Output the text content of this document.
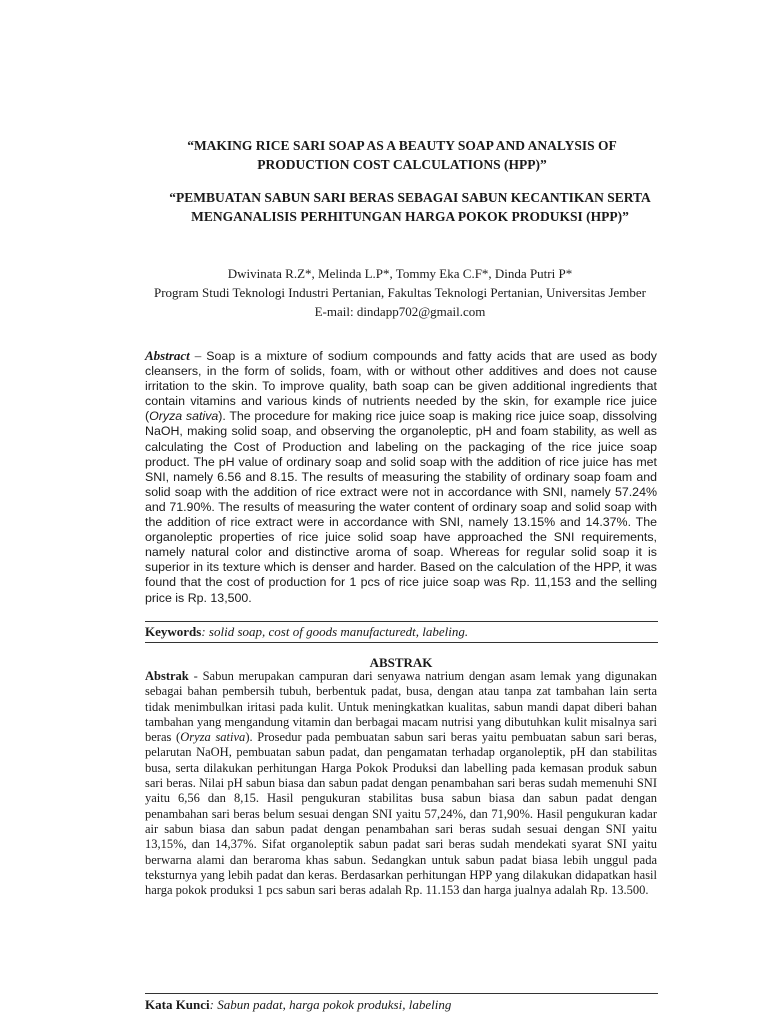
“MAKING RICE SARI SOAP AS A BEAUTY SOAP AND ANALYSIS OF PRODUCTION COST CALCULATIONS (HPP)”

“PEMBUATAN SABUN SARI BERAS SEBAGAI SABUN KECANTIKAN SERTA MENGANALISIS PERHITUNGAN HARGA POKOK PRODUKSI (HPP)”

Dwivinata R.Z*, Melinda L.P*, Tommy Eka C.F*, Dinda Putri P*
Program Studi Teknologi Industri Pertanian, Fakultas Teknologi Pertanian, Universitas Jember
E-mail: dindapp702@gmail.com

Abstract – Soap is a mixture of sodium compounds and fatty acids that are used as body cleansers, in the form of solids, foam, with or without other additives and does not cause irritation to the skin. To improve quality, bath soap can be given additional ingredients that contain vitamins and various kinds of nutrients needed by the skin, for example rice juice (Oryza sativa). The procedure for making rice juice soap is making rice juice soap, dissolving NaOH, making solid soap, and observing the organoleptic, pH and foam stability, as well as calculating the Cost of Production and labeling on the packaging of the rice juice soap product. The pH value of ordinary soap and solid soap with the addition of rice juice has met SNI, namely 6.56 and 8.15. The results of measuring the stability of ordinary soap foam and solid soap with the addition of rice extract were not in accordance with SNI, namely 57.24% and 71.90%. The results of measuring the water content of ordinary soap and solid soap with the addition of rice extract were in accordance with SNI, namely 13.15% and 14.37%. The organoleptic properties of rice juice solid soap have approached the SNI requirements, namely natural color and distinctive aroma of soap. Whereas for regular solid soap it is superior in its texture which is denser and harder. Based on the calculation of the HPP, it was found that the cost of production for 1 pcs of rice juice soap was Rp. 11,153 and the selling price is Rp. 13,500.

Keywords: solid soap, cost of goods manufacturedt, labeling.
ABSTRAK

Abstrak - Sabun merupakan campuran dari senyawa natrium dengan asam lemak yang digunakan sebagai bahan pembersih tubuh, berbentuk padat, busa, dengan atau tanpa zat tambahan lain serta tidak menimbulkan iritasi pada kulit. Untuk meningkatkan kualitas, sabun mandi dapat diberi bahan tambahan yang mengandung vitamin dan berbagai macam nutrisi yang dibutuhkan kulit misalnya sari beras (Oryza sativa). Prosedur pada pembuatan sabun sari beras yaitu pembuatan sabun sari beras, pelarutan NaOH, pembuatan sabun padat, dan pengamatan terhadap organoleptik, pH dan stabilitas busa, serta dilakukan perhitungan Harga Pokok Produksi dan labelling pada kemasan produk sabun sari beras. Nilai pH sabun biasa dan sabun padat dengan penambahan sari beras sudah memenuhi SNI yaitu 6,56 dan 8,15. Hasil pengukuran stabilitas busa sabun biasa dan sabun padat dengan penambahan sari beras belum sesuai dengan SNI yaitu 57,24%, dan 71,90%. Hasil pengukuran kadar air sabun biasa dan sabun padat dengan penambahan sari beras sudah sesuai dengan SNI yaitu 13,15%, dan 14,37%. Sifat organoleptik sabun padat sari beras sudah mendekati syarat SNI yaitu berwarna alami dan beraroma khas sabun. Sedangkan untuk sabun padat biasa lebih unggul pada teksturnya yang lebih padat dan keras. Berdasarkan perhitungan HPP yang dilakukan didapatkan hasil harga pokok produksi 1 pcs sabun sari beras adalah Rp. 11.153 dan harga jualnya adalah Rp. 13.500.

Kata Kunci: Sabun padat, harga pokok produksi, labeling
